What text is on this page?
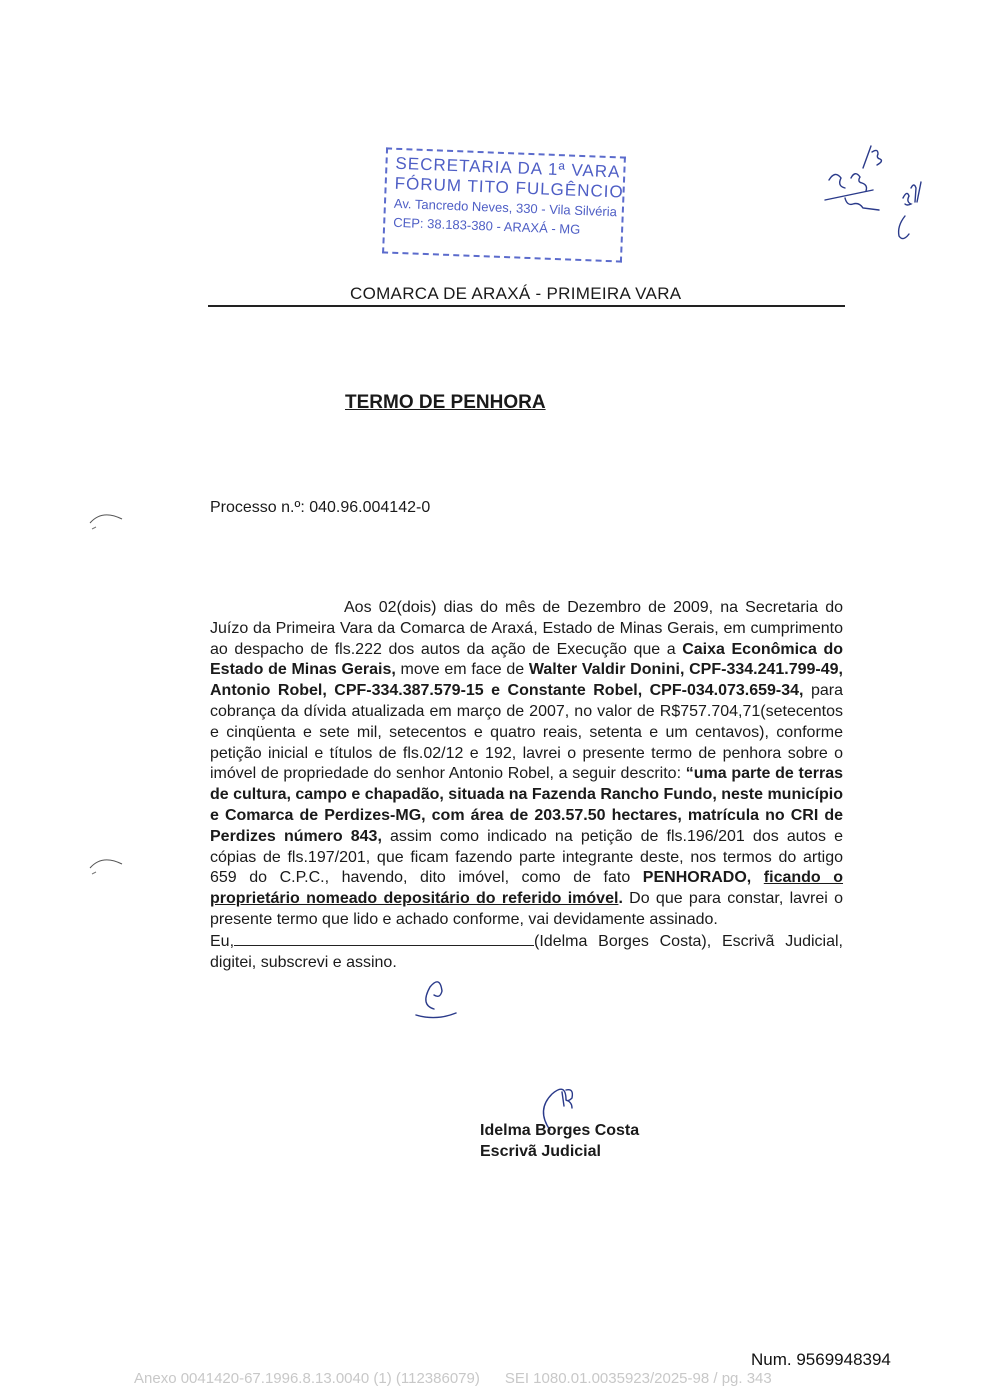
SECRETARIA DA 1ª VARA
FÓRUM TITO FULGÊNCIO
Av. Tancredo Neves, 330 - Vila Silvéria
CEP: 38.183-380 - ARAXÁ - MG
COMARCA DE ARAXÁ - PRIMEIRA VARA
TERMO DE PENHORA
Processo n.º: 040.96.004142-0

Aos 02(dois) dias do mês de Dezembro de 2009, na Secretaria do Juízo da Primeira Vara da Comarca de Araxá, Estado de Minas Gerais, em cumprimento ao despacho de fls.222 dos autos da ação de Execução que a Caixa Econômica do Estado de Minas Gerais, move em face de Walter Valdir Donini, CPF-334.241.799-49, Antonio Robel, CPF-334.387.579-15 e Constante Robel, CPF-034.073.659-34, para cobrança da dívida atualizada em março de 2007, no valor de R$757.704,71(setecentos e cinqüenta e sete mil, setecentos e quatro reais, setenta e um centavos), conforme petição inicial e títulos de fls.02/12 e 192, lavrei o presente termo de penhora sobre o imóvel de propriedade do senhor Antonio Robel, a seguir descrito: “uma parte de terras de cultura, campo e chapadão, situada na Fazenda Rancho Fundo, neste município e Comarca de Perdizes-MG, com área de 203.57.50 hectares, matrícula no CRI de Perdizes número 843, assim como indicado na petição de fls.196/201 dos autos e cópias de fls.197/201, que ficam fazendo parte integrante deste, nos termos do artigo 659 do C.P.C., havendo, dito imóvel, como de fato PENHORADO, ficando o proprietário nomeado depositário do referido imóvel. Do que para constar, lavrei o presente termo que lido e achado conforme, vai devidamente assinado.

Eu,	(Idelma Borges Costa), Escrivã Judicial, digitei, subscrevi e assino.
Idelma Borges Costa
Escrivã Judicial
Num. 9569948394
Anexo 0041420-67.1996.8.13.0040 (1) (112386079)      SEI 1080.01.0035923/2025-98 / pg. 343
